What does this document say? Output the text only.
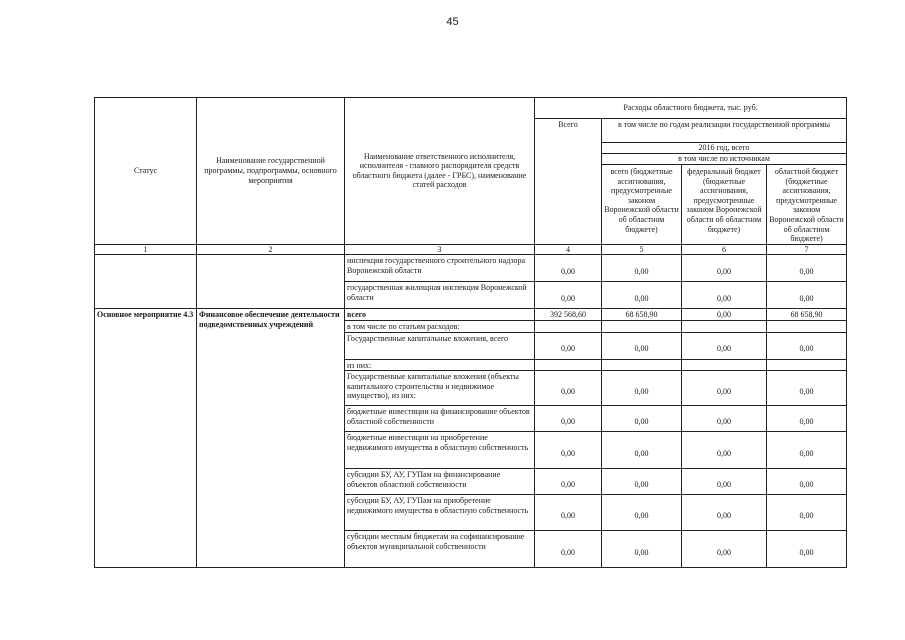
45
Статус	Наименование государственной программы, подпрограммы, основного мероприятия	Наименование ответственного исполнителя, исполнителя - главного распорядителя средств областного бюджета (далее - ГРБС), наименование статей расходов	Расходы областного бюджета, тыс. руб.			
			Всего	в том числе по годам реализации государственной программы		
				2016 год, всего		
				в том числе по источникам		
				всего (бюджетные ассигнования, предусмотренные законом Воронежской области об областном бюджете)	федеральный бюджет (бюджетные ассигнования, предусмотренные законом Воронежской области об областном бюджете)	областной бюджет (бюджетные ассигнования, предусмотренные законом Воронежской области об областном бюджете)
1	2	3	4	5	6	7
		инспекция государственного строительного надзора Воронежской области	0,00	0,00	0,00	0,00
		государственная жилищная инспекция Воронежской области	0,00	0,00	0,00	0,00
Основное мероприятие 4.3	Финансовое обеспечение деятельности подведомственных учреждений	всего	392 568,60	68 658,90	0,00	68 658,90
		в том числе по статьям расходов:				
		Государственные капитальные вложения, всего	0,00	0,00	0,00	0,00
		из них:				
		Государственные капитальные вложения (объекты капитального строительства и недвижимое имущество), из них:	0,00	0,00	0,00	0,00
		бюджетные инвестиции на финансирование объектов областной собственности	0,00	0,00	0,00	0,00
		бюджетные инвестиции на приобретение недвижимого имущества в областную собственность	0,00	0,00	0,00	0,00
		субсидии БУ, АУ, ГУПам на финансирование объектов областной собственности	0,00	0,00	0,00	0,00
		субсидии БУ, АУ, ГУПам на приобретение недвижимого имущества в областную собственность	0,00	0,00	0,00	0,00
		субсидии местным бюджетам на софинансирование объектов муниципальной собственности	0,00	0,00	0,00	0,00
